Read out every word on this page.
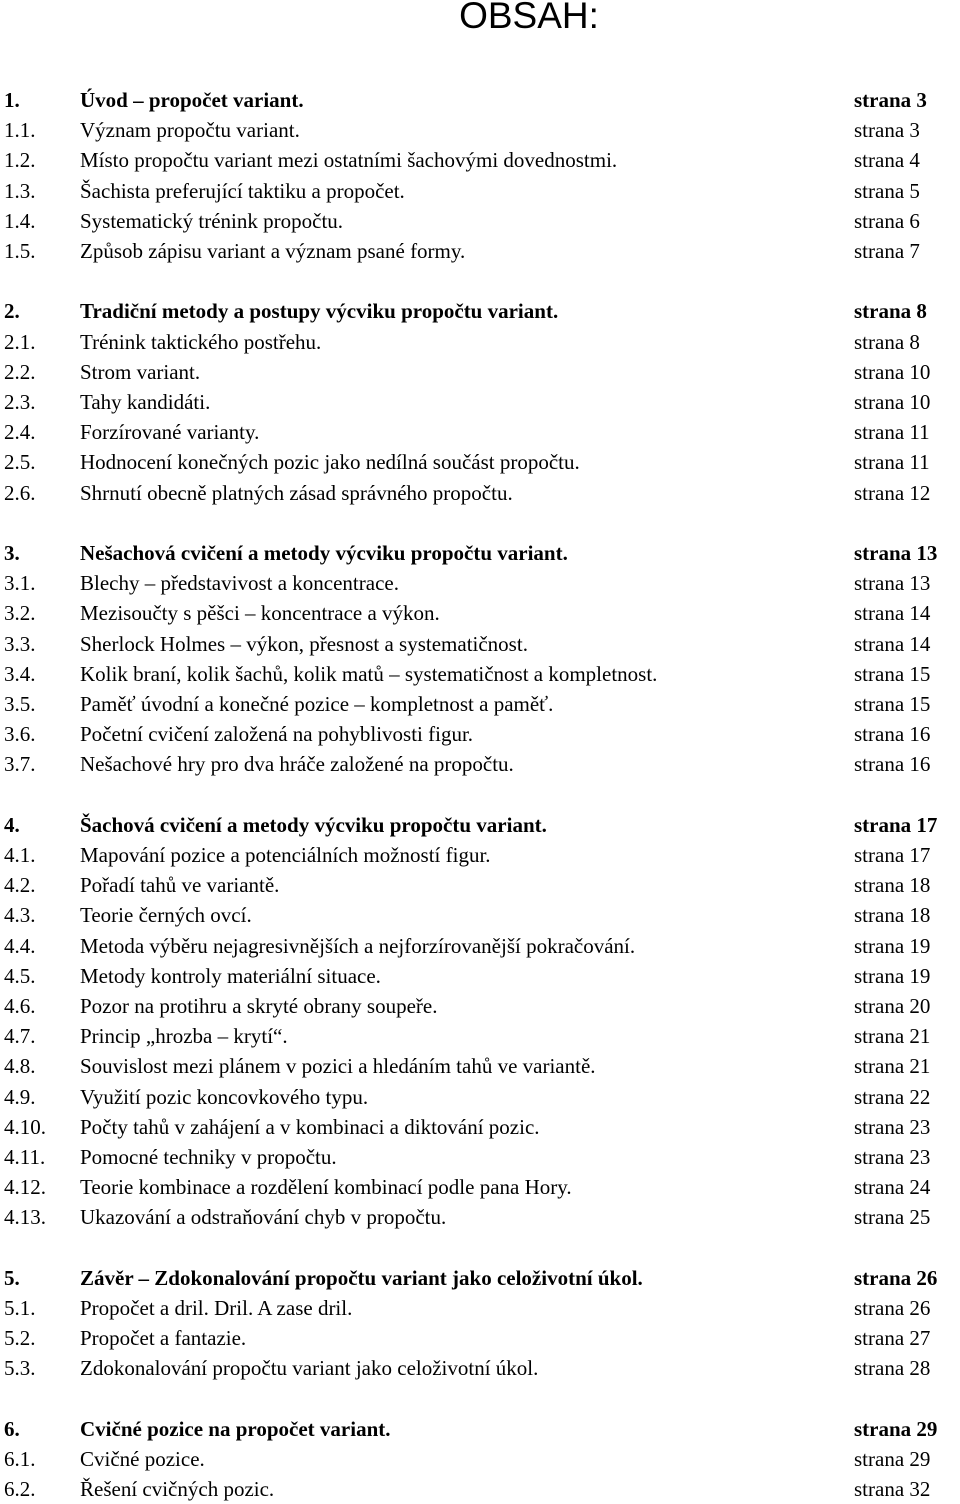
OBSAH:
1.	Úvod – propočet variant.	strana 3
1.1. Význam propočtu variant.	strana 3
1.2. Místo propočtu variant mezi ostatními šachovými dovednostmi.	strana 4
1.3. Šachista preferující taktiku a propočet.	strana 5
1.4. Systematický trénink propočtu.	strana 6
1.5. Způsob zápisu variant a význam psané formy.	strana 7
2.	Tradiční metody a postupy výcviku propočtu variant.	strana 8
2.1. Trénink taktického postřehu.	strana 8
2.2. Strom variant.	strana 10
2.3. Tahy kandidáti.	strana 10
2.4. Forzírované varianty.	strana 11
2.5. Hodnocení konečných pozic jako nedílná součást propočtu.	strana 11
2.6. Shrnutí obecně platných zásad správného propočtu.	strana 12
3.	Nešachová cvičení a metody výcviku propočtu variant.	strana 13
3.1. Blechy – představivost a koncentrace.	strana 13
3.2. Mezisoučty s pěšci – koncentrace a výkon.	strana 14
3.3. Sherlock Holmes – výkon, přesnost a systematičnost.	strana 14
3.4. Kolik braní, kolik šachů, kolik matů – systematičnost a kompletnost.	strana 15
3.5. Paměť úvodní a konečné pozice – kompletnost a paměť.	strana 15
3.6. Početní cvičení založená na pohyblivosti figur.	strana 16
3.7. Nešachové hry pro dva hráče založené na propočtu.	strana 16
4.	Šachová cvičení a metody výcviku propočtu variant.	strana 17
4.1. Mapování pozice a potenciálních možností figur.	strana 17
4.2. Pořadí tahů ve variantě.	strana 18
4.3. Teorie černých ovcí.	strana 18
4.4. Metoda výběru nejagresivnějších a nejforzírovanější pokračování.	strana 19
4.5. Metody kontroly materiální situace.	strana 19
4.6. Pozor na protihru a skryté obrany soupeře.	strana 20
4.7. Princip „hrozba – krytí“.	strana 21
4.8. Souvislost mezi plánem v pozici a hledáním tahů ve variantě.	strana 21
4.9. Využití pozic koncovkového typu.	strana 22
4.10. Počty tahů v zahájení a v kombinaci a diktování pozic.	strana 23
4.11. Pomocné techniky v propočtu.	strana 23
4.12. Teorie kombinace a rozdělení kombinací podle pana Hory.	strana 24
4.13. Ukazování a odstraňování chyb v propočtu.	strana 25
5.	Závěr – Zdokonalování propočtu variant jako celoživotní úkol.	strana 26
5.1. Propočet a dril. Dril. A zase dril.	strana 26
5.2. Propočet a fantazie.	strana 27
5.3. Zdokonalování propočtu variant jako celoživotní úkol.	strana 28
6.	Cvičné pozice na propočet variant.	strana 29
6.1. Cvičné pozice.	strana 29
6.2. Řešení cvičných pozic.	strana 32
